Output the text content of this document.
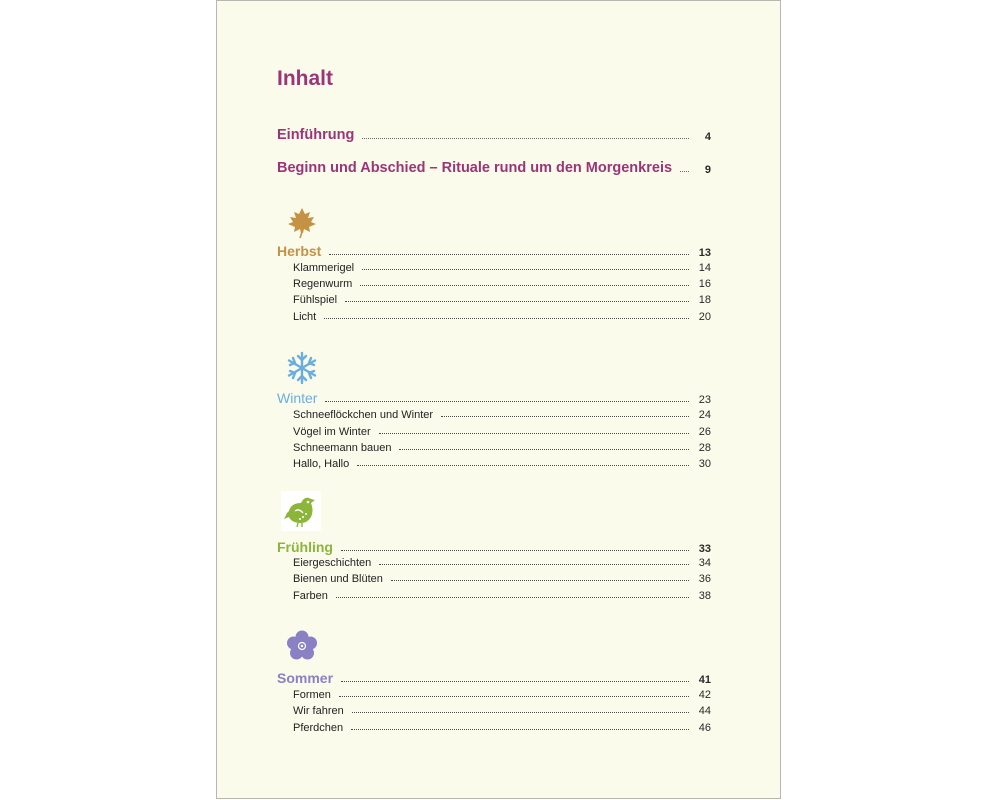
Inhalt
Einführung	4
Beginn und Abschied – Rituale rund um den Morgenkreis	9
Herbst	13
Klammerigel	14
Regenwurm	16
Fühlspiel	18
Licht	20
Winter	23
Schneeflöckchen und Winter	24
Vögel im Winter	26
Schneemann bauen	28
Hallo, Hallo	30
Frühling	33
Eiergeschichten	34
Bienen und Blüten	36
Farben	38
Sommer	41
Formen	42
Wir fahren	44
Pferdchen	46
